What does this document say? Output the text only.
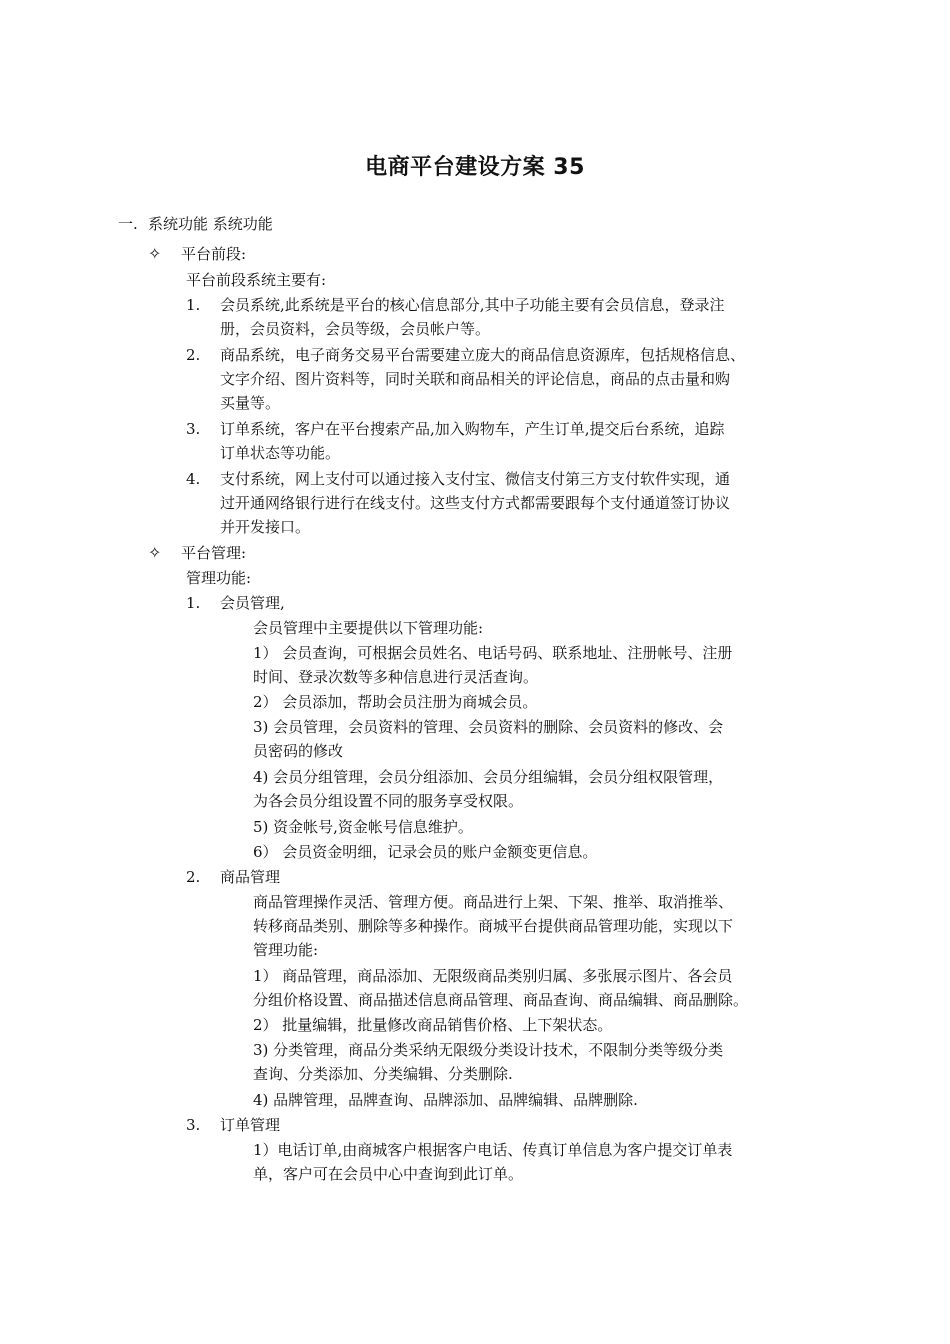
电商平台建设方案 35
一. 系统功能 系统功能
✧ 平台前段:
平台前段系统主要有:
1. 会员系统,此系统是平台的核心信息部分,其中子功能主要有会员信息，登录注
册，会员资料，会员等级，会员帐户等。
2. 商品系统，电子商务交易平台需要建立庞大的商品信息资源库，包括规格信息、
文字介绍、图片资料等，同时关联和商品相关的评论信息，商品的点击量和购
买量等。
3. 订单系统，客户在平台搜索产品,加入购物车，产生订单,提交后台系统，追踪
订单状态等功能。
4. 支付系统，网上支付可以通过接入支付宝、微信支付第三方支付软件实现，通
过开通网络银行进行在线支付。这些支付方式都需要跟每个支付通道签订协议
并开发接口。
✧ 平台管理:
管理功能:
1. 会员管理,
会员管理中主要提供以下管理功能:
1） 会员查询，可根据会员姓名、电话号码、联系地址、注册帐号、注册
时间、登录次数等多种信息进行灵活查询。
2） 会员添加，帮助会员注册为商城会员。
3) 会员管理，会员资料的管理、会员资料的删除、会员资料的修改、会
员密码的修改
4) 会员分组管理，会员分组添加、会员分组编辑，会员分组权限管理，
为各会员分组设置不同的服务享受权限。
5) 资金帐号,资金帐号信息维护。
6） 会员资金明细，记录会员的账户金额变更信息。
2. 商品管理
商品管理操作灵活、管理方便。商品进行上架、下架、推举、取消推举、
转移商品类别、删除等多种操作。商城平台提供商品管理功能，实现以下
管理功能:
1） 商品管理，商品添加、无限级商品类别归属、多张展示图片、各会员
分组价格设置、商品描述信息商品管理、商品查询、商品编辑、商品删除。
2） 批量编辑，批量修改商品销售价格、上下架状态。
3) 分类管理，商品分类采纳无限级分类设计技术，不限制分类等级分类
查询、分类添加、分类编辑、分类删除.
4) 品牌管理，品牌查询、品牌添加、品牌编辑、品牌删除.
3. 订单管理
1）电话订单,由商城客户根据客户电话、传真订单信息为客户提交订单表
单，客户可在会员中心中查询到此订单。
